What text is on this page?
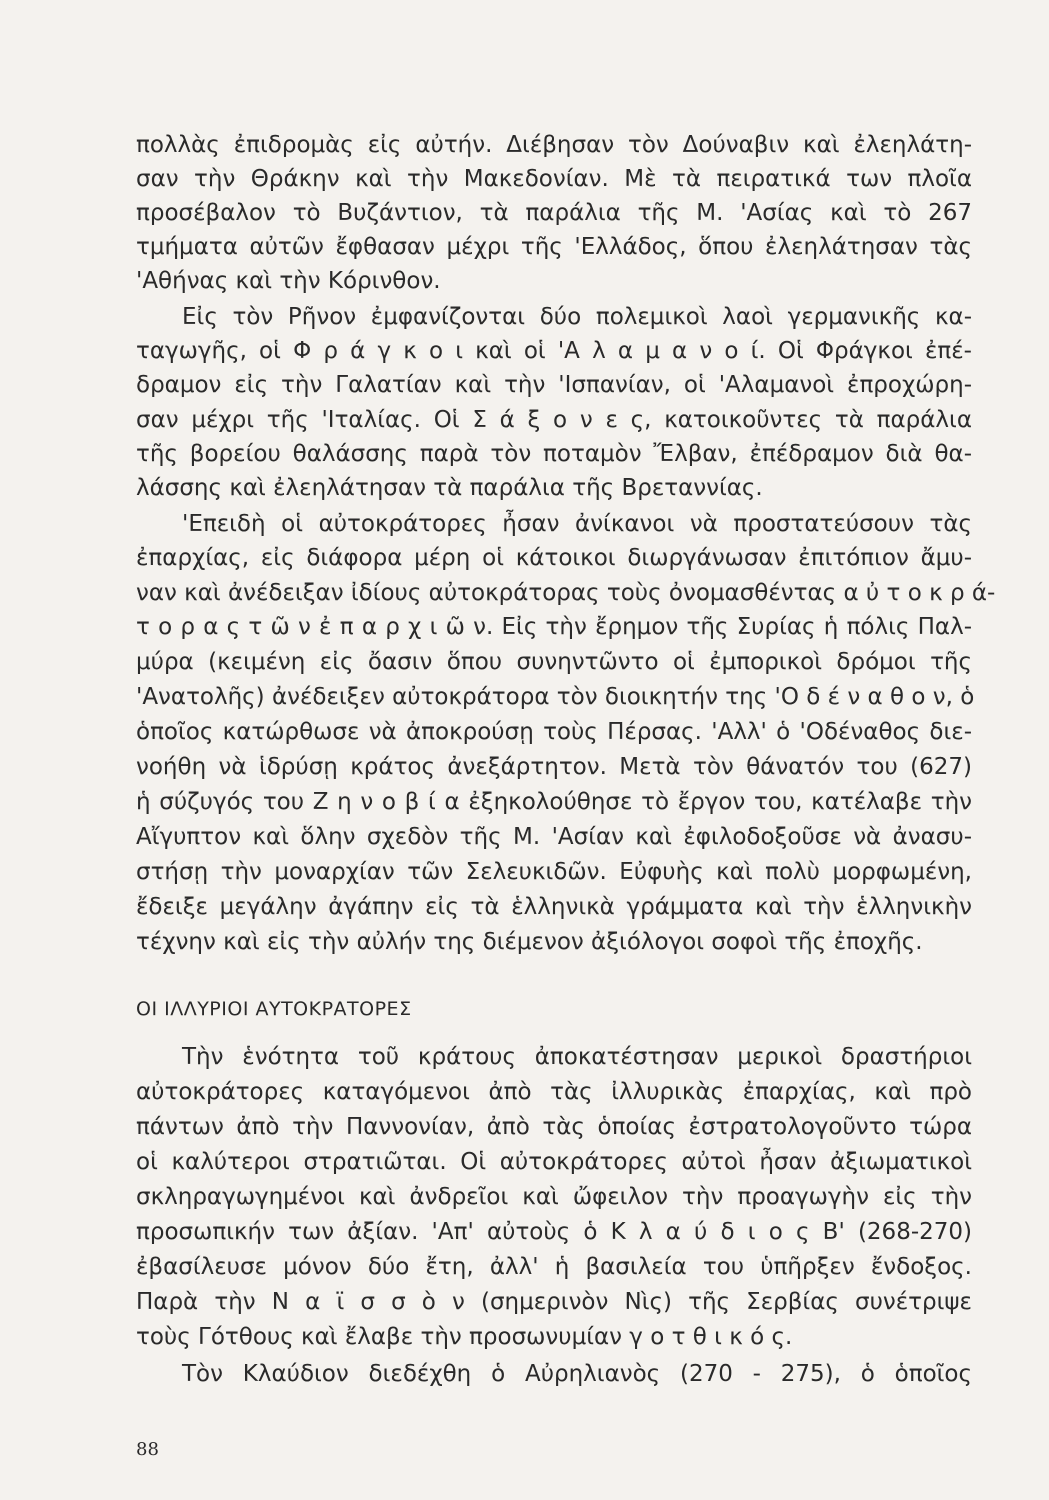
πολλὰς ἐπιδρομὰς εἰς αὐτήν. Διέβησαν τὸν Δούναβιν καὶ ἐλεηλάτη-
σαν τὴν Θράκην καὶ τὴν Μακεδονίαν. Μὲ τὰ πειρατικά των πλοῖα
προσέβαλον τὸ Βυζάντιον, τὰ παράλια τῆς Μ. 'Ασίας καὶ τὸ 267
τμήματα αὐτῶν ἔφθασαν μέχρι τῆς 'Ελλάδος, ὅπου ἐλεηλάτησαν τὰς
'Αθήνας καὶ τὴν Κόρινθον.
Εἰς τὸν Ρῆνον ἐμφανίζονται δύο πολεμικοὶ λαοὶ γερμανικῆς κα-
ταγωγῆς, οἱ Φ ρ ά γ κ ο ι καὶ οἱ 'Α λ α μ α ν ο ί. Οἱ Φράγκοι ἐπέ-
δραμον εἰς τὴν Γαλατίαν καὶ τὴν 'Ισπανίαν, οἱ 'Αλαμανοὶ ἐπροχώρη-
σαν μέχρι τῆς 'Ιταλίας. Οἱ Σ ά ξ ο ν ε ς, κατοικοῦντες τὰ παράλια
τῆς βορείου θαλάσσης παρὰ τὸν ποταμὸν Ἔλβαν, ἐπέδραμον διὰ θα-
λάσσης καὶ ἐλεηλάτησαν τὰ παράλια τῆς Βρεταννίας.
'Επειδὴ οἱ αὐτοκράτορες ἦσαν ἀνίκανοι νὰ προστατεύσουν τὰς
ἐπαρχίας, εἰς διάφορα μέρη οἱ κάτοικοι διωργάνωσαν ἐπιτόπιον ἄμυ-
ναν καὶ ἀνέδειξαν ἰδίους αὐτοκράτορας τοὺς ὀνομασθέντας α ὐ τ ο κ ρ ά-
τ ο ρ α ς τ ῶ ν ἐ π α ρ χ ι ῶ ν. Εἰς τὴν ἔρημον τῆς Συρίας ἡ πόλις Παλ-
μύρα (κειμένη εἰς ὄασιν ὅπου συνηντῶντο οἱ ἐμπορικοὶ δρόμοι τῆς
'Ανατολῆς) ἀνέδειξεν αὐτοκράτορα τὸν διοικητήν της 'Ο δ έ ν α θ ο ν, ὁ
ὁποῖος κατώρθωσε νὰ ἀποκρούσῃ τοὺς Πέρσας. 'Αλλ' ὁ 'Οδέναθος διε-
νοήθη νὰ ἱδρύσῃ κράτος ἀνεξάρτητον. Μετὰ τὸν θάνατόν του (627)
ἡ σύζυγός του Ζ η ν ο β ί α ἐξηκολούθησε τὸ ἔργον του, κατέλαβε τὴν
Αἴγυπτον καὶ ὅλην σχεδὸν τῆς Μ. 'Ασίαν καὶ ἐφιλοδοξοῦσε νὰ ἀνασυ-
στήσῃ τὴν μοναρχίαν τῶν Σελευκιδῶν. Εὐφυὴς καὶ πολὺ μορφωμένη,
ἔδειξε μεγάλην ἀγάπην εἰς τὰ ἑλληνικὰ γράμματα καὶ τὴν ἑλληνικὴν
τέχνην καὶ εἰς τὴν αὐλήν της διέμενον ἀξιόλογοι σοφοὶ τῆς ἐποχῆς.
ΟΙ ΙΛΛΥΡΙΟΙ ΑΥΤΟΚΡΑΤΟΡΕΣ
Τὴν ἑνότητα τοῦ κράτους ἀποκατέστησαν μερικοὶ δραστήριοι
αὐτοκράτορες καταγόμενοι ἀπὸ τὰς ἰλλυρικὰς ἐπαρχίας, καὶ πρὸ
πάντων ἀπὸ τὴν Παννονίαν, ἀπὸ τὰς ὁποίας ἐστρατολογοῦντο τώρα
οἱ καλύτεροι στρατιῶται. Οἱ αὐτοκράτορες αὐτοὶ ἦσαν ἀξιωματικοὶ
σκληραγωγημένοι καὶ ἀνδρεῖοι καὶ ὤφειλον τὴν προαγωγὴν εἰς τὴν
προσωπικήν των ἀξίαν. 'Απ' αὐτοὺς ὁ Κ λ α ύ δ ι ο ς Β' (268-270)
ἐβασίλευσε μόνον δύο ἔτη, ἀλλ' ἡ βασιλεία του ὑπῆρξεν ἔνδοξος.
Παρὰ τὴν Ν α ϊ σ σ ὸ ν (σημερινὸν Νὶς) τῆς Σερβίας συνέτριψε
τοὺς Γότθους καὶ ἔλαβε τὴν προσωνυμίαν γ ο τ θ ι κ ό ς.
Τὸν Κλαύδιον διεδέχθη ὁ Αὐρηλιανὸς (270 - 275), ὁ ὁποῖος
88
